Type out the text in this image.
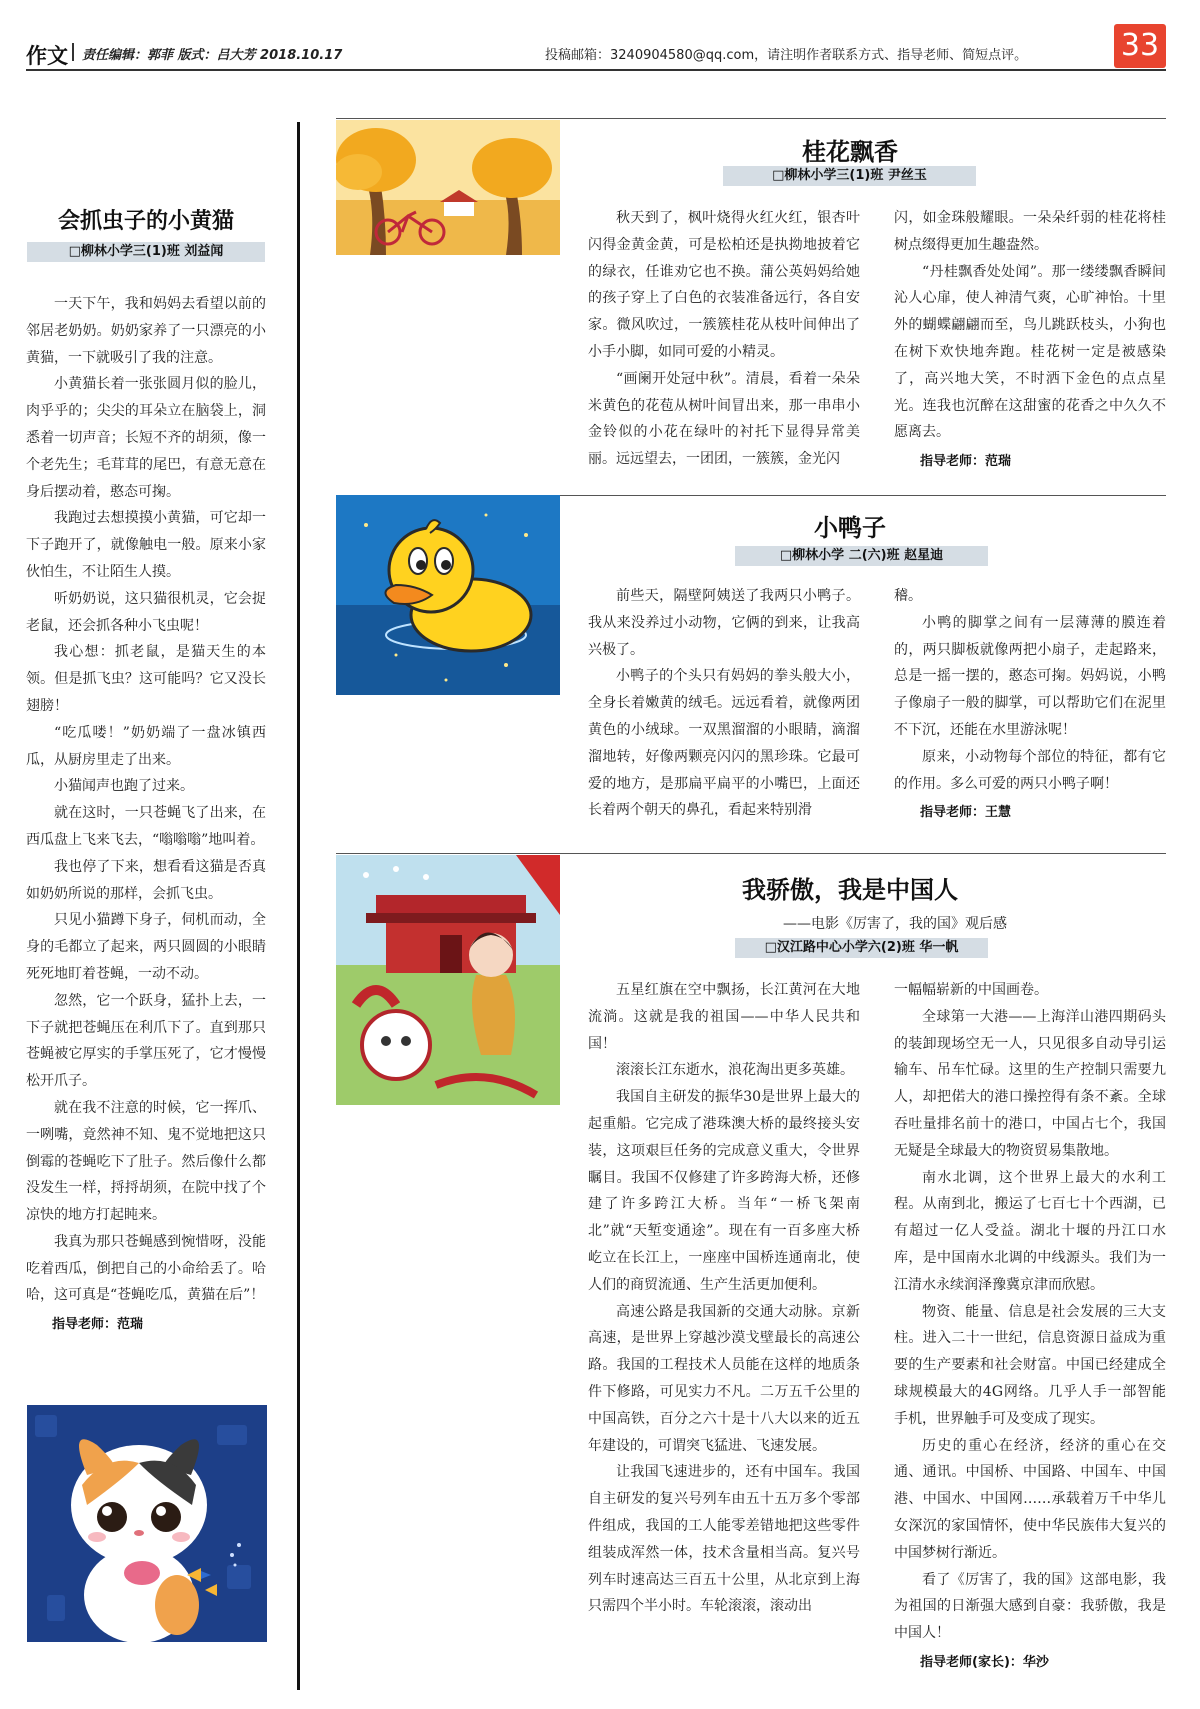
作文 责任编辑：郭菲 版式：吕大芳 2018.10.17	投稿邮箱：3240904580@qq.com，请注明作者联系方式、指导老师、简短点评。	33
会抓虫子的小黄猫
□柳林小学三(1)班 刘益闻

一天下午，我和妈妈去看望以前的邻居老奶奶。奶奶家养了一只漂亮的小黄猫，一下就吸引了我的注意。

小黄猫长着一张张圆月似的脸儿，肉乎乎的；尖尖的耳朵立在脑袋上，洞悉着一切声音；长短不齐的胡须，像一个老先生；毛茸茸的尾巴，有意无意在身后摆动着，憨态可掬。

我跑过去想摸摸小黄猫，可它却一下子跑开了，就像触电一般。原来小家伙怕生，不让陌生人摸。

听奶奶说，这只猫很机灵，它会捉老鼠，还会抓各种小飞虫呢！

我心想：抓老鼠，是猫天生的本领。但是抓飞虫？这可能吗？它又没长翅膀！

“吃瓜喽！”奶奶端了一盘冰镇西瓜，从厨房里走了出来。

小猫闻声也跑了过来。

就在这时，一只苍蝇飞了出来，在西瓜盘上飞来飞去，“嗡嗡嗡”地叫着。

我也停了下来，想看看这猫是否真如奶奶所说的那样，会抓飞虫。

只见小猫蹲下身子，伺机而动，全身的毛都立了起来，两只圆圆的小眼睛死死地盯着苍蝇，一动不动。

忽然，它一个跃身，猛扑上去，一下子就把苍蝇压在利爪下了。直到那只苍蝇被它厚实的手掌压死了，它才慢慢松开爪子。

就在我不注意的时候，它一挥爪、一咧嘴，竟然神不知、鬼不觉地把这只倒霉的苍蝇吃下了肚子。然后像什么都没发生一样，捋捋胡须，在院中找了个凉快的地方打起盹来。

我真为那只苍蝇感到惋惜呀，没能吃着西瓜，倒把自己的小命给丢了。哈哈，这可真是“苍蝇吃瓜，黄猫在后”！

指导老师：范瑞
桂花飘香
□柳林小学三(1)班 尹丝玉

秋天到了，枫叶烧得火红火红，银杏叶闪得金黄金黄，可是松柏还是执拗地披着它的绿衣，任谁劝它也不换。蒲公英妈妈给她的孩子穿上了白色的衣装准备远行，各自安家。微风吹过，一簇簇桂花从枝叶间伸出了小手小脚，如同可爱的小精灵。

“画阑开处冠中秋”。清晨，看着一朵朵米黄色的花苞从树叶间冒出来，那一串串小金铃似的小花在绿叶的衬托下显得异常美丽。远远望去，一团团，一簇簇，金光闪

闪，如金珠般耀眼。一朵朵纤弱的桂花将桂树点缀得更加生趣盎然。

“丹桂飘香处处闻”。那一缕缕飘香瞬间沁人心扉，使人神清气爽，心旷神怡。十里外的蝴蝶翩翩而至，鸟儿跳跃枝头，小狗也在树下欢快地奔跑。桂花树一定是被感染了，高兴地大笑，不时洒下金色的点点星光。连我也沉醉在这甜蜜的花香之中久久不愿离去。

指导老师：范瑞
小鸭子
□柳林小学 二(六)班 赵星迪

前些天，隔壁阿姨送了我两只小鸭子。我从来没养过小动物，它俩的到来，让我高兴极了。

小鸭子的个头只有妈妈的拳头般大小，全身长着嫩黄的绒毛。远远看着，就像两团黄色的小绒球。一双黑溜溜的小眼睛，滴溜溜地转，好像两颗亮闪闪的黑珍珠。它最可爱的地方，是那扁平扁平的小嘴巴，上面还长着两个朝天的鼻孔，看起来特别滑

稽。

小鸭的脚掌之间有一层薄薄的膜连着的，两只脚板就像两把小扇子，走起路来，总是一摇一摆的，憨态可掬。妈妈说，小鸭子像扇子一般的脚掌，可以帮助它们在泥里不下沉，还能在水里游泳呢！

原来，小动物每个部位的特征，都有它的作用。多么可爱的两只小鸭子啊！

指导老师：王慧
我骄傲，我是中国人
——电影《厉害了，我的国》观后感
□汉江路中心小学六(2)班 华一帆

五星红旗在空中飘扬，长江黄河在大地流淌。这就是我的祖国——中华人民共和国！

滚滚长江东逝水，浪花淘出更多英雄。

我国自主研发的振华30是世界上最大的起重船。它完成了港珠澳大桥的最终接头安装，这项艰巨任务的完成意义重大，令世界瞩目。我国不仅修建了许多跨海大桥，还修建了许多跨江大桥。当年“一桥飞架南北”就“天堑变通途”。现在有一百多座大桥屹立在长江上，一座座中国桥连通南北，使人们的商贸流通、生产生活更加便利。

高速公路是我国新的交通大动脉。京新高速，是世界上穿越沙漠戈壁最长的高速公路。我国的工程技术人员能在这样的地质条件下修路，可见实力不凡。二万五千公里的中国高铁，百分之六十是十八大以来的近五年建设的，可谓突飞猛进、飞速发展。

让我国飞速进步的，还有中国车。我国自主研发的复兴号列车由五十五万多个零部件组成，我国的工人能零差错地把这些零件组装成浑然一体，技术含量相当高。复兴号列车时速高达三百五十公里，从北京到上海只需四个半小时。车轮滚滚，滚动出

一幅幅崭新的中国画卷。

全球第一大港——上海洋山港四期码头的装卸现场空无一人，只见很多自动导引运输车、吊车忙碌。这里的生产控制只需要九人，却把偌大的港口操控得有条不紊。全球吞吐量排名前十的港口，中国占七个，我国无疑是全球最大的物资贸易集散地。

南水北调，这个世界上最大的水利工程。从南到北，搬运了七百七十个西湖，已有超过一亿人受益。湖北十堰的丹江口水库，是中国南水北调的中线源头。我们为一江清水永续润泽豫冀京津而欣慰。

物资、能量、信息是社会发展的三大支柱。进入二十一世纪，信息资源日益成为重要的生产要素和社会财富。中国已经建成全球规模最大的4G网络。几乎人手一部智能手机，世界触手可及变成了现实。

历史的重心在经济，经济的重心在交通、通讯。中国桥、中国路、中国车、中国港、中国水、中国网……承载着万千中华儿女深沉的家国情怀，使中华民族伟大复兴的中国梦树行渐近。

看了《厉害了，我的国》这部电影，我为祖国的日渐强大感到自豪：我骄傲，我是中国人！

指导老师(家长)：华沙
